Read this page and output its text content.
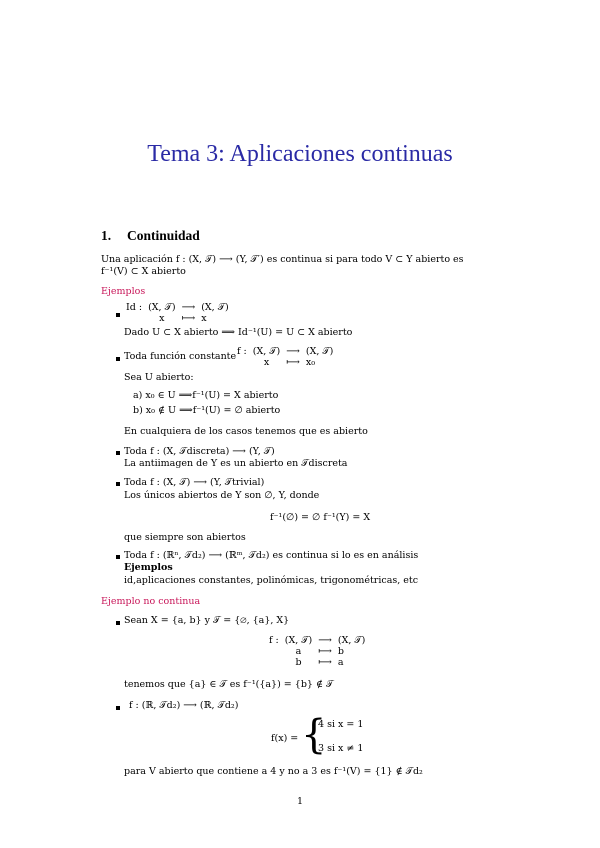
Tema 3: Aplicaciones continuas
1. Continuidad
Una aplicación f : (X, 𝒯) ⟶ (Y, 𝒯′) es continua si para todo V ⊂ Y abierto es
f⁻¹(V) ⊂ X abierto
Ejemplos
Id :	(X, 𝒯)	⟶	(X, 𝒯)
	x	⟼	x
Dado U ⊂ X abierto ⟹ Id⁻¹(U) = U ⊂ X abierto
Toda función constante f :	(X, 𝒯)	⟶	(X, 𝒯)
	x	⟼	x₀
Sea U abierto:
a) x₀ ∈ U ⟹f⁻¹(U) = X abierto
b) x₀ ∉ U ⟹f⁻¹(U) = ∅ abierto
En cualquiera de los casos tenemos que es abierto
Toda f : (X, 𝒯discreta) ⟶ (Y, 𝒯)
La antiimagen de Y es un abierto en 𝒯discreta
Toda f : (X, 𝒯) ⟶ (Y, 𝒯trivial)
Los únicos abiertos de Y son ∅, Y, donde
f⁻¹(∅) = ∅ f⁻¹(Y) = X
que siempre son abiertos
Toda f : (ℝⁿ, 𝒯d₂) ⟶ (ℝᵐ, 𝒯d₂) es continua si lo es en análisis
Ejemplos
id,aplicaciones constantes, polinómicas, trigonométricas, etc
Ejemplo no continua
Sean X = {a, b} y 𝒯 = {∅, {a}, X}
f :	(X, 𝒯)	⟶	(X, 𝒯)
	a	⟼	b
	b	⟼	a
tenemos que {a} ∈ 𝒯 es f⁻¹({a}) = {b} ∉ 𝒯
f : (ℝ, 𝒯d₂) ⟶ (ℝ, 𝒯d₂)
f(x) = {
4 si x = 1
3 si x ≠ 1
para V abierto que contiene a 4 y no a 3 es f⁻¹(V) = {1} ∉ 𝒯d₂
1
